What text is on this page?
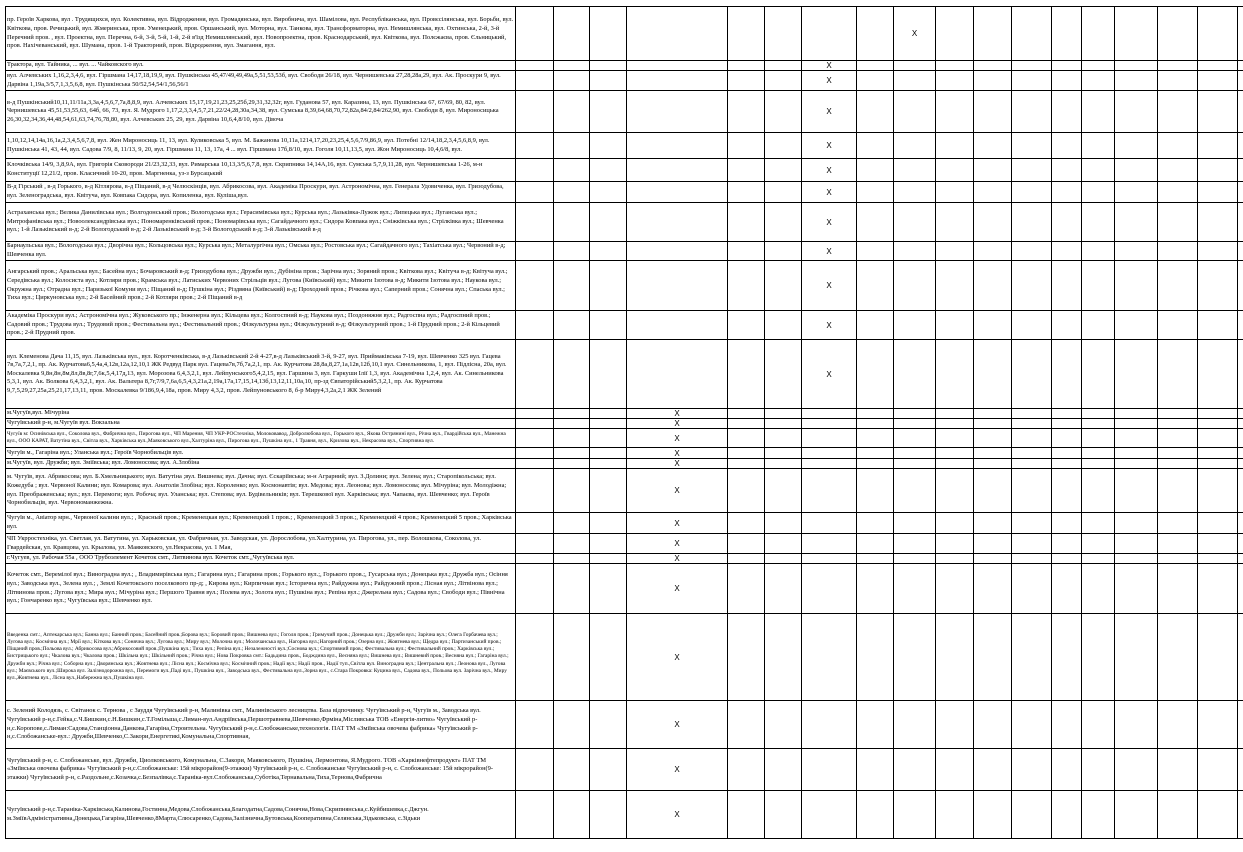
пр. Героїв Харкова, вул . Трудящихся, вул. Колективна, вул. Відродження, вул. Громадянська, вул. Виробнича, вул. Шамілова, вул. Республіканська, вул. Провєсілянська, вул. Борьби, вул. Квіткова, пров. Речицький, вул. Жмеринська, пров. Уменецький, пров. Оршанський, вул. Моторна, вул. Танкова, вул. Трансформаторна, вул. Немишлянська, вул. Охтинська, 2-й, 3-й Перечний пров. , вул. Проектна, вул. Перечна, 6-й, 3-й, 5-й, 1-й, 2-й в'їзд Немишлянський, вул. Новопроектна, пров. Краснодарський, вул. Квіткова, вул. Полєжаєва, пров. Єльницький, пров. Нахічеванський, вул. Шумана, пров. 1-й Тракторний, пров. Відродження, вул. Змагання, вул.									X									
Трактора, вул. Тайника, ... вул. ... Чайковского вул.							X											
вул. Алчевських 1,16,2,3,4,6, вул. Гіршмана 14,17,18,19,9, вул. Пушкінська 45,47/49,49,49а,5,51,53,53б, вул. Свободи 26/18, вул. Чернишевська 27,28,28а,29, вул. Ак. Проскури 9, вул. Дарвіна 1,19а,3/5,7,1,3,5,6,8, вул. Пушкінська 50/52,54,54/1,56,56/1							X											
в-д Пушкінський10,11,11/11а,3,3а,4,5,6,7,7а,8,8,9, вул. Алчевських 15,17,19,21,23,25,25б,29,31,32,32г, вул. Гуданова 57, вул. Каразина, 13, вул. Пушкінська 67, 67/69, 80, 82, вул. Чернишевська 45,51,53,55,63, 64б, 66, 73, вул. Я. Мудрого 1,17,2,3,3,4,5,7,21,22/24,28,30а,34,38, вул. Сумська 8,39,64,68,70,72,82а,84/2,84/262,90, вул. Свободи 8, вул. Мироносицька 26,30,32,34,36,44,48,54,61,63,74,76,78,80, вул. Алчевських 25, 29, вул. Дарвіна 10,6,4,8/10, вул. Дівоча							X											
1,10,12,14,14а,16,1а,2,3,4,5,6,7,8, вул. Жен Мироносиць 11, 13, вул. Куликовська 5, вул. М. Бажанова 10,11а,1214,17,20,23,25,4,5,6,7/9,86,9, вул. Потебні 12/14,18,2,3,4,5,6,8,9, вул. Пушкінська 41, 43, 44, вул. Садова 7/9, 8, 11/13, 9, 20, вул. Гіршмана 11, 13, 17а, 4 ... вул. Гіршмана 17б,8/10, вул. Гоголя 10,11,13,5, вул. Жон Мироносиць 10,4,6/8, вул.							X											
Клочківська 14/9, 3,8,9А, вул. Григорія Сковороди 21/23,32,33, вул. Римарська 10,13,3/5,6,7,8, вул. Скрипника 14,14А,16, вул. Сумська 5,7,9,11,28, вул. Чернишевська 1-26, м-н Конституції 12,21/2, пров. Класичний 10-20, пров. Маргненка, уз-з Бурсацький							X											
В-д Гірський , в-д Горького, в-д Кітлярова, в-д Піщаний, в-д Челюскінців, вул. Абрикосова, вул. Академіка Проскури, вул. Астрономічна, вул. Генерала Удовиченка, вул. Гризодубова, вул. Зеленоградська, вул. Квітуча, вул. Ковпака Сидора, вул. Копиленка, вул. Кулішa,вул.							X											
Астраханська вул.; Велика Данилівська вул.; Волгодонський пров.; Вологодська вул.; Герасимівська вул.; Курська вул.; Лазьківка-Лужок вул.; Липецька вул.; Луганська вул.; Митрофанівська вул.; Новоолександрівська вул.; Пономаренківський пров.; Пономарівська вул.; Сагайдачного вул.; Сидора Ковпака вул.; Сніжківська вул.; Стрілківка вул.; Шевченка вул.; 1-й Лазьківський в-д; 2-й Вологодський в-д; 2-й Лазьківський в-д; 3-й Вологодський в-д; 3-й Лазьківський в-д							X											
Барнаульська вул.; Вологодська вул.; Дворічна вул.; Кольцовська вул.; Курська вул.; Металургічна вул.; Омська вул.; Ростовська вул.; Сагайдачного вул.; Тахіатська вул.; Червоний в-д; Шевченка вул.							X											
Ангарський пров.; Аральська вул.; Басейна вул.; Бочаровський в-д; Гризодубова вул.; Дружби вул.; Дубініна пров.; Зарічна вул.; Зоряний пров.; Квіткова вул.; Квітуча в-д; Квітуча вул.; Середівська вул.; Колосиста вул.; Котляри пров.; Крамська вул.; Латиських Червоних Стрільців вул.; Лугова (Київський) вул.; Микити Ізотова в-д; Микити Ізотова вул.; Наукова вул.; Окружна вул.; Отрадна вул.; Паризької Комуни вул.; Піщаний в-д; Пушкіна вул.; Різдвяна (Київський) в-д; Проходний пров.; Річкова вул.; Саперний пров.; Сонячна вул.; Спаська вул.; Тиха вул.; Циркуновська вул.; 2-й Басейний пров.; 2-й Котляри пров.; 2-й Піщаний в-д							X											
Академіка Проскури вул.; Астрономічна вул.; Жуковського пр.; Інженерна вул.; Кільцева вул.; Колгоспний в-д; Наукова вул.; Поздоняжня вул.; Радгоспна вул.; Радгоспний пров.; Садовий пров.; Трудова вул.; Трудовий пров.; Фестивальна вул.; Фестивальний пров.; Фізкультурна вул.; Фізкультурний в-д; Фізкультурний пров.; 1-й Прудний пров.; 2-й Кільцевий пров.; 2-й Прудний пров.							X											
вул. Клеменова Дача 11,15, вул. Лазьківська вул., вул. Коротченківська, в-д Лазьківський 2-й 4-27,в-д Лазьківський 3-й, 9-27, вул. Приймаківська 7-19, вул. Шевченко 325 вул. Гацева 7в,7а,7,2,1, пр. Ак. Курчатова6,5,4а,4,12в,12а,12,10,1 ЖК Редвуд Парк вул. Гацева7в,7б,7а,2,1, пр. Ак. Курчатова 28,8а,8,27,1а,12в,12б,10,1 вул. Синельникова, 1, вул. Підлісна, 20а, вул. Москалевка 9,8н,8н,8м,8л,8в,8г,7,6к,5,4,17д,13, вул. Морозова 6,4,3,2,1, вул. Лейпунського5,4,2,15, вул. Гаршина 3, вул. Гаркуши Ілії 1,3, вул. Академічна 1,2,4, вул. Ак. Синельникова 5,3,1, вул. Ак. Волкова 6,4,3,2,1, вул. Ак. Вальтера 8,7г,7/9,7,6а,6,5,4,3,21а,2,19а,17а,17,15,14,13б,13,12,11,10а,10, пр-зд Євпаторійський5,3,2,1, пр. Ак. Курчатова 9,7,5,29,27,25а,25,21,17,13,11, пров. Москалевка 9/186,9,4,18а, пров. Миру 4,3,2, пров. Лейпуновського 8, б-р Миру4,3,2а,2,1 ЖК Зелений							X											
м.Чугуїв,вул. Мічуріна				X														
Чугуївський р-н, м.Чугуїв вул. Вокзальна				X														
Чугуїв м: Осинівська вул., Соколова вул., Фабрична вул., Пирогова вул., ЧП Марения, ЧП УКР-РОСтехніка, Молоковавод, Добролюбова вул., Горького вул., Якова Острянині вул., Річна вул., Гвардійська вул., Манежна вул., ООО КАРАТ, Ватутіна вул., Світла вул., Харківська вул.,Маяковського вул.,Халтуріна вул., Пирогова вул., Пушкіна вул., 1 Травня, вул., Крилова вул., Некрасова вул., Спортивна вул.				X														
Чугуїв м., Гагаріна вул.; Уланська вул.; Героїв Чорнобильців вул.				X														
м.Чугуїв, вул. Дружби; вул. Змiївська; вул. Ломоносова; вул. А.Злобіна				X														
м. Чугуїв, вул. Абрикосова; вул. Б.Хмельницького; вул. Ватутіна ;вул. Вишнева; вул. Дачна; вул. Єскаріївська; м-н Аграрний; вул. З.Долини; вул. Зелена; вул.; Старопікольська; вул. Кожедуба ; вул. Червоної Калини; вул. Комарова; вул. Анатолія Злобіна; вул. Короленко; вул. Космонавтів; вул. Медова; вул. Леонова; вул. Ломоносова; вул. Мічуріна; вул. Молодіжна; вул. Преображенська; вул.; вул. Перемоги; вул. Робоча; вул. Уланська; вул. Степова; вул. Будівельників; вул. Терешкової вул. Харківська; вул. Чапаєва, вул. Шевченко; вул. Героїв Чорнобильців, вул. Червономанжежна.				X														
Чугуїв м., Авіатор мрн., Червоної калини вул.; , Красный пров.; Кременецкая вул.; Кременецкий 1 пров.; , Кременецкий 3 пров.;, Кременецкий 4 пров.; Кременецкий 5 пров.; Харківська вул.				X														
ЧП Укрростехніка, ул. Светлая, ул. Ватутина, ул. Харьковская, ул. Фабричная, ул. Заводская, ул. Дорослобова, ул.Халтурина, ул. Пирогова, ул., пер. Волошкова, Соколова, ул. Гвардейская, ул. Кравцова, ул. Крылова, ул. Маяковского, ул.Некрасова, ул. 1 Мая,				X														
г.Чугуев, ул. Рабочая 55а , ООО Трубоэлемент Кочеток смт., Литвинова вул. Кочеток смт.,,Чугуївська вул.				X														
Кочеток смт., Веремілої вул.; Виноградна вул.; , Владимирівська вул.; Гагарина вул.; Гагарина пров.; Горького вул.;, Горького пров.;, Гусарська вул.; Донецька вул.; Дружба вул.; Осіння вул.; Заводська вул., Зелена вул.; , Землі Кочетоксього поселкового пр-д; , Кирова вул.; Кирпичная вул.; Історична вул.; Райдужна вул.; Райдужний пров.; Лісная вул.; Літвінова вул.; Літвинова пров.; Лугова вул.; Мира вул.; Мічуріна вул.; Першого Травня вул.; Полева вул.; Золота вул.; Пушкіна вул.; Репіна вул.; Джерельна вул.; Садова вул.; Свободи вул.; Північна вул.; Гончаренко вул.; Чугуївська вул.; Шевченко вул.				X														
Введенка смт.:, Аптекарська вул.; Банна вул.; Банний пров.; Басейний пров.;Борова вул.; Боровий пров.; Вишнева вул.; Гоголя пров.; Гримучий пров.; Донецька вул.; Дружби вул.; Зарічна вул.; Олега Горбачева вул.; Лугова вул.; Космічна вул.; Мрії вул.; Кіткова вул.; Сонячна вул.; Лугова вул.; Миру вул.; Молочна вул.; Молочанська вул., Нагорна вул.;Нагорний пров.; Озерна вул.; Жовтнева вул.; Щедра вул.; Партизанський пров.; Піщаний пров.;Польова вул.; Абрикосова вул.;Абрикосовий пров.;Пушкіна вул.; Тиха вул.; Репіна вул.; Незалежності вул.;Соснова вул.; Спортивний пров.; Фестивальна вул.; Фестивальний пров.; Харківська вул.; Бистрицького вул.; Чкалова вул.; Чкалова пров.; Шкільна вул.; Шкільний пров.; Річна вул.; Нова Покровка смт.: Бадьдина пров., Бодждина вул., Весняна вул.; Вишнева вул.; Вишневий пров.; Весняна вул.; Гагаріна вул.; Дружби вул.; Річна вул.; Соборна вул.; Дворянська вул.; Жовтнева вул.; Лісна вул.; Космічна вул.; Космічний пров.; Надії вул.; Надії пров., Надії туп.,Світла вул. Виноградна вул.; Центральна вул.; Леонова вул., Лугова вул.; Маєвського вул.;Широка вул. Залізнодорожна вул., Перемоги вул.,Паді вул., Пушкіна вул., Заводська вул., Фестивальна вул.,Зорна вул., с.Стара Покровка: Куцина вул., Садова вул., Польова вул. Зарічна вул., Миру вул.,Жовтнева вул., Лісна вул.,Набережна вул.,Пушкіна вул.				X														
с. Зелений Колодязь, с. Світанок с. Тернова , с Зауддя Чугуївський р-н, Малинівка смт., Малинівського лесництва. База відпочинку. Чугуївський р-н, Чугуїв м., Заводська вул. Чугуївський р-н,с.Гейка,с.Ч.Бишкин,с.Н.Бишкин,с.Т.Гомільша,с.Лиман-вул.Андріївська,Першотравнева,Шевченко,Фрміна,Місливська ТОВ «Енергія-литво» Чугуївський р-н,с.Коропове,с.Лиман:Садова,Станціонна,Данкова,Гагаріна,Строительна. Чугуївський р-н,с.Слобожанське,технологія. ПАТ ТМ «Зміївська овочева фабрика» Чугуївський р-н,с.Слобожанське-вул.: Дружби,Шевченко,С.Закори,Енергетикі,Комунальна,Спортивная,				X														
Чугуївський р-н, с. Слобожанське, вул. Дружби, Циолковського, Комунальна, С.Закори, Маяковського, Пушкіна, Лермонтова, Я.Мудрого. ТОВ «Харківнефтепродукт» ПАТ ТМ «Зміївська овочева фабрика» Чугуївський р-н,с.Слобожанське: 15й мікрорайон(9-этажки) Чугуївський р-н, с. Слобожанське Чугуївський р-н, с. Слобожанське: 15й мікрорайон(9-этажки) Чугуївський р-н, с.Раздольне,с.Козачка,с.Безпалівка,с.Тараніка-вул.Слобожанська,Суботіка,Тернавальна,Тиха,Тернова,Фабрична				X														
Чугуївський р-н,с.Тараніка-Харківська,Калинова,Гостинна,Медова,Слобожанська,Благодатна,Садова,Сонячна,Нова,Скрипнянська,с.Куйбишевка,с.Джгун. м.ЗміївАдміністративна,Донецька,Гагаріна,Шевченко,8Марта,Слюсаренко,Садова,Залізнична,Бутовська,Кооперативна,Селянська,Зідьковська, с.Зідьки				X														
